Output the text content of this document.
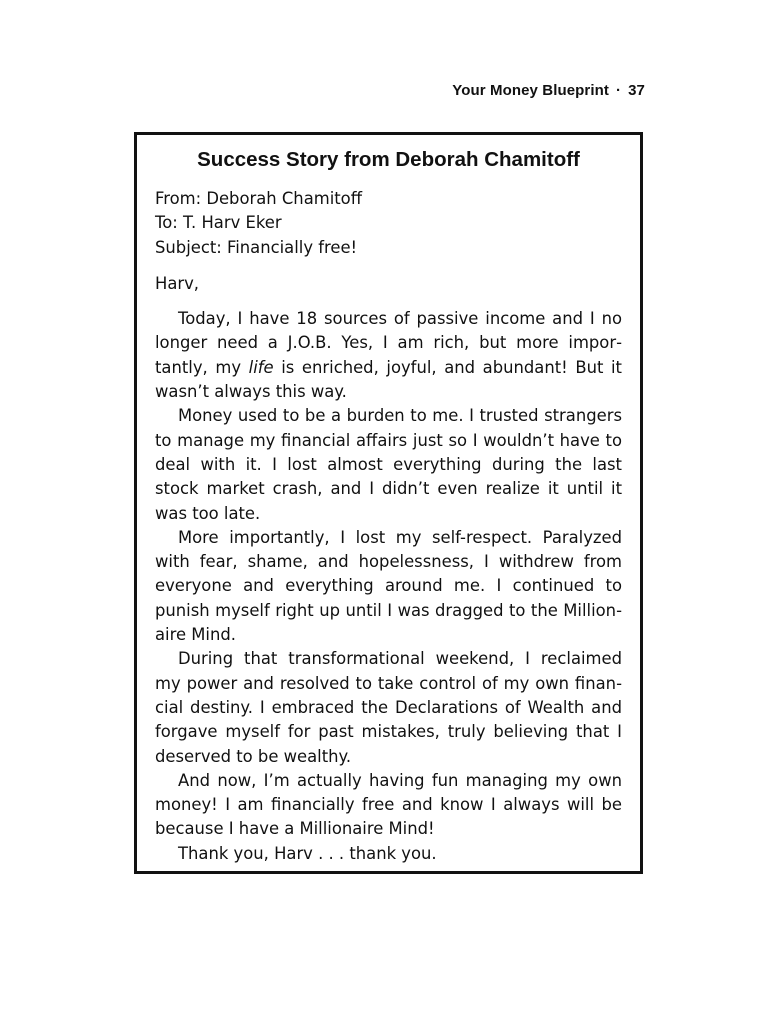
Your Money Blueprint · 37
Success Story from Deborah Chamitoff
From: Deborah Chamitoff
To: T. Harv Eker
Subject: Financially free!
Harv,

Today, I have 18 sources of passive income and I no longer need a J.O.B. Yes, I am rich, but more importantly, my life is enriched, joyful, and abundant! But it wasn’t always this way.

Money used to be a burden to me. I trusted strangers to manage my financial affairs just so I wouldn’t have to deal with it. I lost almost everything during the last stock market crash, and I didn’t even realize it until it was too late.

More importantly, I lost my self-respect. Paralyzed with fear, shame, and hopelessness, I withdrew from everyone and everything around me. I continued to punish myself right up until I was dragged to the Millionaire Mind.

During that transformational weekend, I reclaimed my power and resolved to take control of my own financial destiny. I embraced the Declarations of Wealth and forgave myself for past mistakes, truly believing that I deserved to be wealthy.

And now, I’m actually having fun managing my own money! I am financially free and know I always will be because I have a Millionaire Mind!

Thank you, Harv . . . thank you.
